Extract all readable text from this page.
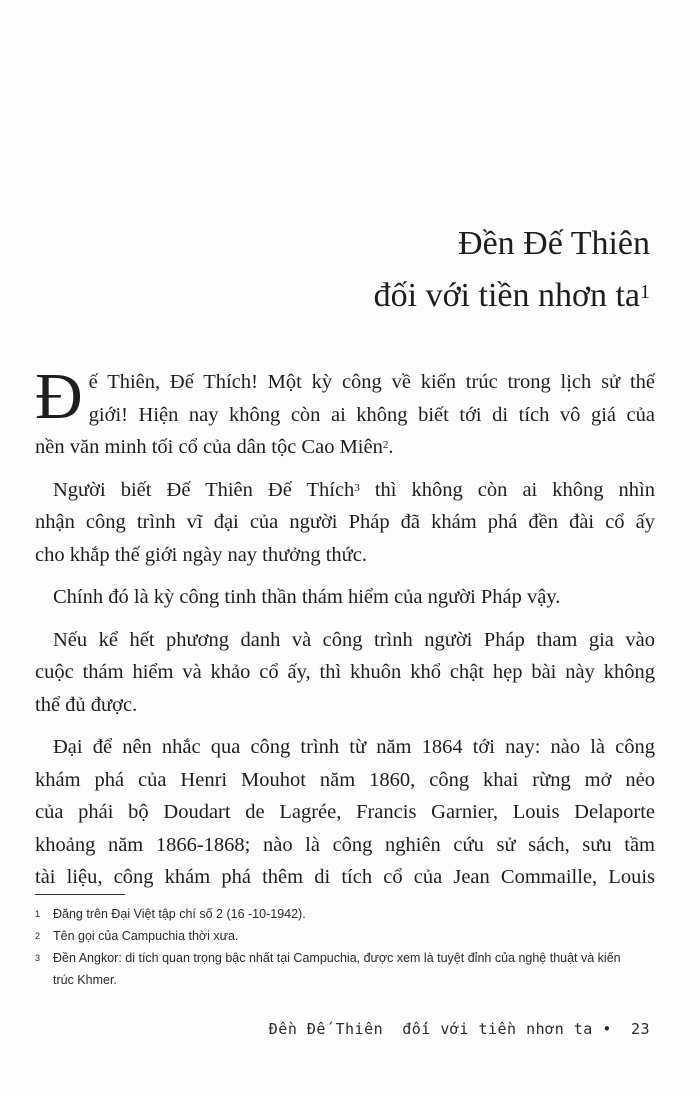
Đền Đế Thiên
đối với tiền nhơn $ta^1$
Đ ế Thiên, Đế Thích! Một kỳ công về kiến trúc trong lịch sử thế
giới! Hiện nay không còn ai không biết tới di tích vô giá của
nền văn minh tối cổ của dân tộc Cao Miên$^2$.
Người biết Đế Thiên Đế Thích$^3$ thì không còn ai không nhìn
nhận công trình vĩ đại của người Pháp đã khám phá đền đài cổ ấy
cho khắp thế giới ngày nay thưởng thức.
Chính đó là kỳ công tinh thần thám hiểm của người Pháp vậy.
Nếu kể hết phương danh và công trình người Pháp tham gia vào
cuộc thám hiểm và khảo cổ ấy, thì khuôn khổ chật hẹp bài này không
thể đủ được.
Đại để nên nhắc qua công trình từ năm 1864 tới nay: nào là công
khám phá của Henri Mouhot năm 1860, công khai rừng mở nẻo
của phái bộ Doudart de Lagrée, Francis Garnier, Louis Delaporte
khoảng năm 1866-1868; nào là công nghiên cứu sử sách, sưu tầm
tài liệu, công khám phá thêm di tích cổ của Jean Commaille, Louis
1	Đăng trên Đại Việt tập chí số 2 (16 -10-1942).
2	Tên gọi của Campuchia thời xưa.
3	Đền Angkor: di tích quan trọng bậc nhất tại Campuchia, được xem là tuyệt đỉnh của nghệ thuật và kiến trúc Khmer.
Đền Đế Thiên  đối với tiền nhơn ta • 23
